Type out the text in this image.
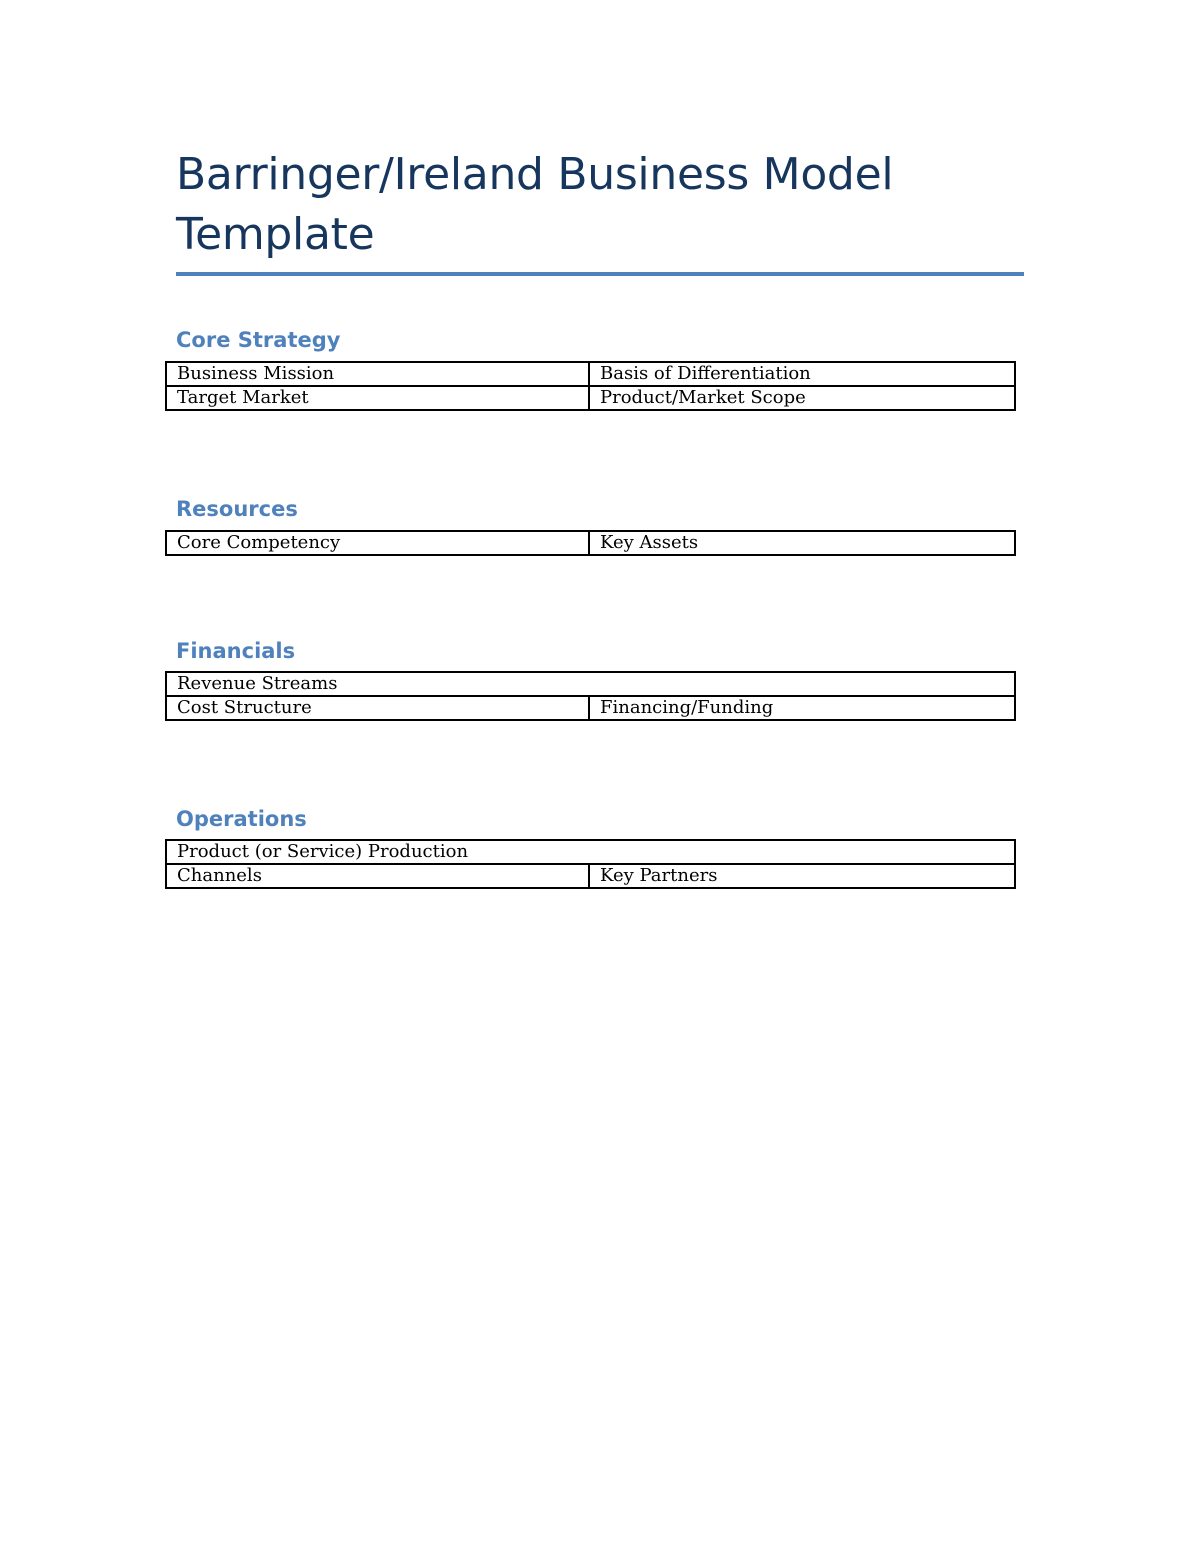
Barringer/Ireland Business Model Template
Core Strategy
Business Mission	Basis of Differentiation
Target Market	Product/Market Scope
Resources
Core Competency	Key Assets
Financials
Revenue Streams
Cost Structure	Financing/Funding
Operations
Product (or Service) Production
Channels	Key Partners
